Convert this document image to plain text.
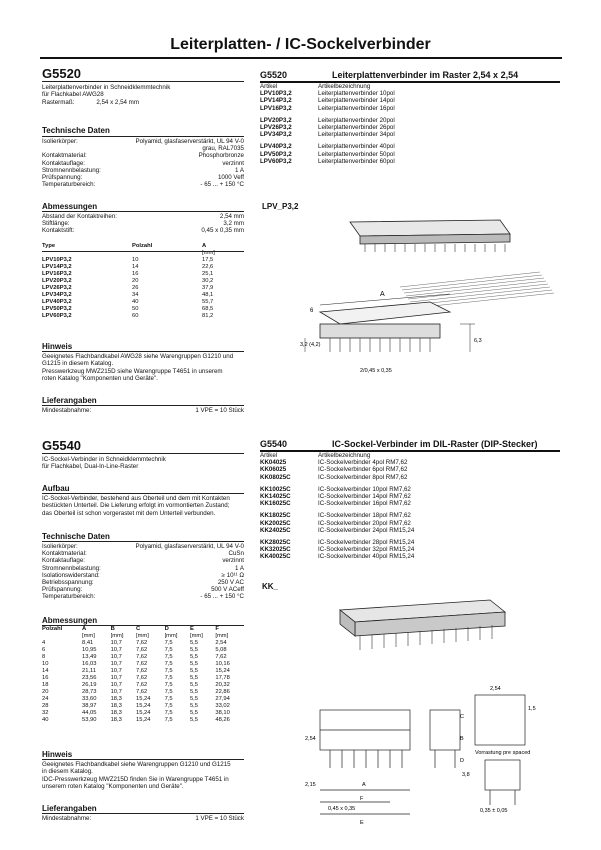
Leiterplatten- / IC-Sockelverbinder
G5520
Leiterplattenverbinder in Schneidklemmtechnik
für Flachkabel AWG28
Rastermaß:	2,54 x 2,54 mm
Technische Daten
Isolierkörper:	Polyamid, glasfaserverstärkt, UL 94 V-0
grau, RAL7035
Kontaktmaterial:	Phosphorbronze
Kontaktauflage:	verzinnt
Stromnennbelastung:	1 A
Prüfspannung:	1000 Veff
Temperaturbereich:	- 65 ... + 150 °C
Abmessungen
Abstand der Kontaktreihen:	2,54 mm
Stiftlänge:	3,2 mm
Kontaktstift:	0,45 x 0,35 mm
Type	Polzahl	A
		[mm]
LPV10P3,2	10	17,5
LPV14P3,2	14	22,6
LPV16P3,2	16	25,1
LPV20P3,2	20	30,2
LPV26P3,2	26	37,9
LPV34P3,2	34	48,1
LPV40P3,2	40	55,7
LPV50P3,2	50	68,5
LPV60P3,2	60	81,2
Hinweis
Geeignetes Flachbandkabel AWG28 siehe Warengruppen G1210 und
G1215 in diesem Katalog.
Presswerkzeug MWZ215D siehe Warengruppe T4651 in unserem
roten Katalog "Komponenten und Geräte".
Lieferangaben
Mindestabnahme:	1 VPE = 10 Stück
G5520	Leiterplattenverbinder im Raster 2,54 x 2,54
Artikel	Artikelbezeichnung
LPV10P3,2	Leiterplattenverbinder 10pol
LPV14P3,2	Leiterplattenverbinder 14pol
LPV16P3,2	Leiterplattenverbinder 16pol
LPV20P3,2	Leiterplattenverbinder 20pol
LPV26P3,2	Leiterplattenverbinder 26pol
LPV34P3,2	Leiterplattenverbinder 34pol
LPV40P3,2	Leiterplattenverbinder 40pol
LPV50P3,2	Leiterplattenverbinder 50pol
LPV60P3,2	Leiterplattenverbinder 60pol
LPV_P3,2
A
6
3,2 (4,2)
6,3
2/0,45 x 0,35
G5540
IC-Sockel-Verbinder in Schneidklemmtechnik
für Flachkabel, Dual-In-Line-Raster
Aufbau
IC-Sockel-Verbinder, bestehend aus Oberteil und dem mit Kontakten
bestückten Unterteil. Die Lieferung erfolgt im vormontierten Zustand;
das Oberteil ist schon vorgerastet mit dem Unterteil verbunden.
Technische Daten
Isolierkörper:	Polyamid, glasfaserverstärkt, UL 94 V-0
Kontaktmaterial:	CuSn
Kontaktauflage:	verzinnt
Stromnennbelastung:	1 A
Isolationswiderstand:	≥ 10¹¹ Ω
Betriebsspannung:	250 V AC
Prüfspannung:	500 V ACeff
Temperaturbereich:	- 65 ... + 150 °C
Abmessungen
Polzahl	A	B	C	D	E	F
	[mm]	[mm]	[mm]	[mm]	[mm]	[mm]
4	8,41	10,7	7,62	7,5	5,5	2,54
6	10,95	10,7	7,62	7,5	5,5	5,08
8	13,49	10,7	7,62	7,5	5,5	7,62
10	16,03	10,7	7,62	7,5	5,5	10,16
14	21,11	10,7	7,62	7,5	5,5	15,24
16	23,56	10,7	7,62	7,5	5,5	17,78
18	26,19	10,7	7,62	7,5	5,5	20,32
20	28,73	10,7	7,62	7,5	5,5	22,86
24	33,60	18,3	15,24	7,5	5,5	27,94
28	38,97	18,3	15,24	7,5	5,5	33,02
32	44,05	18,3	15,24	7,5	5,5	38,10
40	53,90	18,3	15,24	7,5	5,5	48,26
Hinweis
Geeignetes Flachbandkabel siehe Warengruppen G1210 und G1215
in diesem Katalog.
IDC-Presswerkzeug MWZ215D finden Sie in Warengruppe T4651 in
unserem roten Katalog "Komponenten und Geräte".
Lieferangaben
Mindestabnahme:	1 VPE = 10 Stück
G5540	IC-Sockel-Verbinder im DIL-Raster (DIP-Stecker)
Artikel	Artikelbezeichnung
KK04025	IC-Sockelverbinder 4pol RM7,62
KK06025	IC-Sockelverbinder 6pol RM7,62
KK08025C	IC-Sockelverbinder 8pol RM7,62
KK10025C	IC-Sockelverbinder 10pol RM7,62
KK14025C	IC-Sockelverbinder 14pol RM7,62
KK16025C	IC-Sockelverbinder 16pol RM7,62
KK18025C	IC-Sockelverbinder 18pol RM7,62
KK20025C	IC-Sockelverbinder 20pol RM7,62
KK24025C	IC-Sockelverbinder 24pol RM15,24
KK28025C	IC-Sockelverbinder 28pol RM15,24
KK32025C	IC-Sockelverbinder 32pol RM15,24
KK40025C	IC-Sockelverbinder 40pol RM15,24
KK_
A
F
E
B
C
D
2,54
3,8
0,45 x 0,35	0,35 ± 0,05
2,15
2,54
1,5
Vorrastung pre spaced
